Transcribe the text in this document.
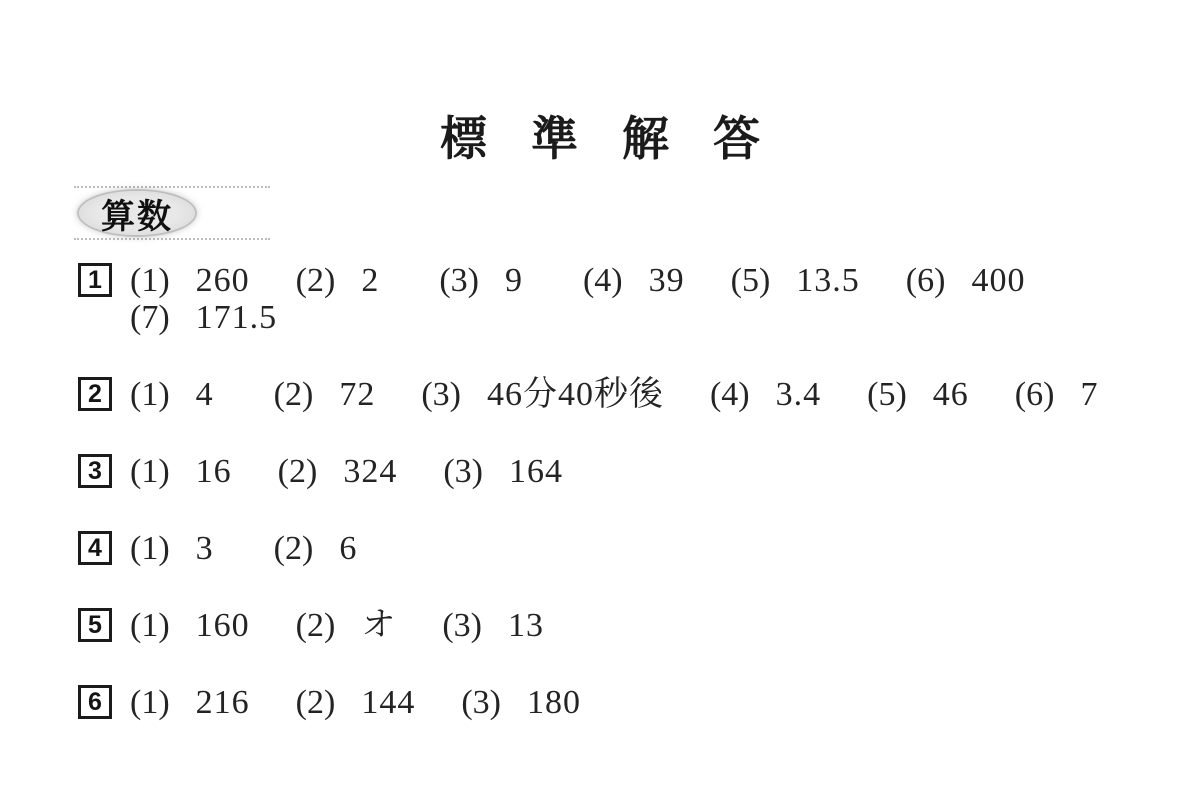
標準解答
算数
1 (1) 260 (2) 2	(3) 9	(4) 39 (5) 13.5 (6) 400
(7) 171.5
2 (1) 4	(2) 72 (3) 46分40秒後 (4) 3.4 (5) 46 (6) 7
3 (1) 16 (2) 324 (3) 164
4 (1) 3	(2) 6
5 (1) 160 (2) オ (3) 13
6 (1) 216 (2) 144 (3) 180
